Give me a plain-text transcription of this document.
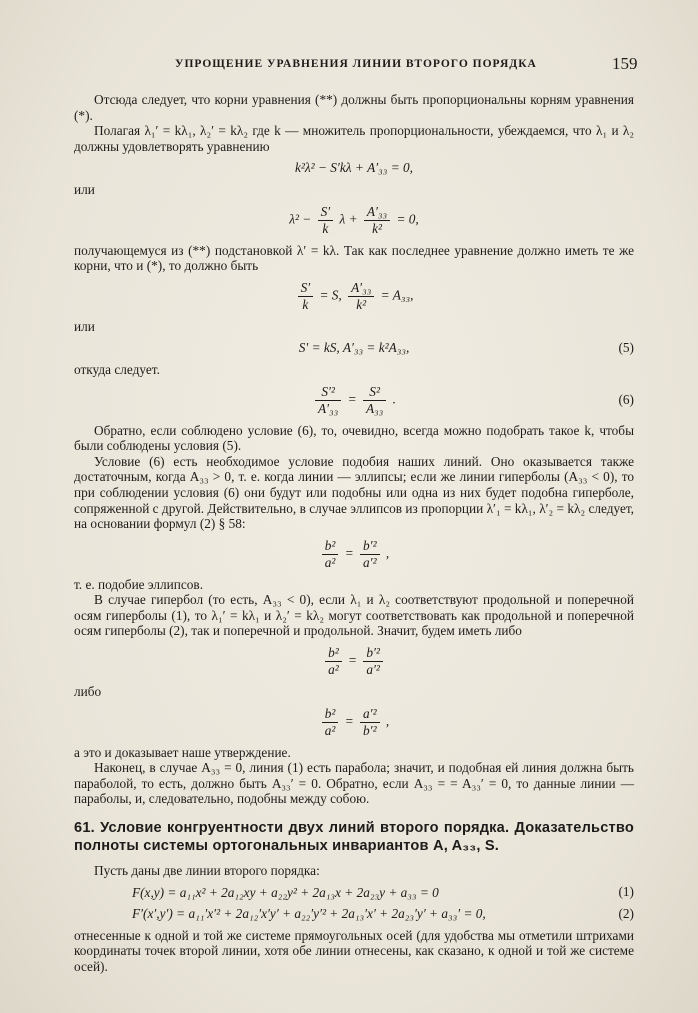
УПРОЩЕНИЕ УРАВНЕНИЯ ЛИНИИ ВТОРОГО ПОРЯДКА	159

Отсюда следует, что корни уравнения (**) должны быть пропорциональны корням уравнения (*).

Полагая λ₁′ = kλ₁, λ₂′ = kλ₂ где k — множитель пропорциональности, убеждаемся, что λ₁ и λ₂ должны удовлетворять уравнению

k²λ² − S′kλ + A′₃₃ = 0,

или

$\lambda^2 - \frac{S'}{k}$ $\lambda + \frac{\text{A′₃₃}}{\text{k²}} = 0$,

получающемуся из (**) подстановкой λ′ = kλ. Так как последнее уравнение должно иметь те же корни, что и (*), то должно быть

$\frac{S'}{k} = S$, $\frac{\text{A′₃₃}}{\text{k²}} = A_{33}$,

или

S′ = kS, A′₃₃ = k²A₃₃,	(5)

откуда следует.

$\frac{\text{S′²}}{\text{A′₃₃}} = \frac{\text{S²}}{\text{A₃₃}}$ .	(6)

Обратно, если соблюдено условие (6), то, очевидно, всегда можно подобрать такое k, чтобы были соблюдены условия (5).

Условие (6) есть необходимое условие подобия наших линий. Оно оказывается также достаточным, когда A₃₃ > 0, т. е. когда линии — эллипсы; если же линии гиперболы (A₃₃ < 0), то при соблюдении условия (6) они будут или подобны или одна из них будет подобна гиперболе, сопряженной с другой. Действительно, в случае эллипсов из пропорции λ′₁ = kλ₁, λ′₂ = kλ₂ следует, на основании формул (2) § 58:

$\frac{\text{b²}}{\text{a²}} = \frac{\text{b′²}}{\text{a′²}}$ ,

т. е. подобие эллипсов.

В случае гипербол (то есть, A₃₃ < 0), если λ₁ и λ₂ соответствуют продольной и поперечной осям гиперболы (1), то λ₁′ = kλ₁ и λ₂′ = kλ₂ могут соответствовать как продольной и поперечной осям гиперболы (2), так и поперечной и продольной. Значит, будем иметь либо

$\frac{\text{b²}}{\text{a²}} = \frac{\text{b′²}}{\text{a′²}}$

либо

$\frac{\text{b²}}{\text{a²}} = \frac{\text{a′²}}{\text{b′²}}$ ,

а это и доказывает наше утверждение.

Наконец, в случае A₃₃ = 0, линия (1) есть парабола; значит, и подобная ей линия должна быть параболой, то есть, должно быть A₃₃′ = 0. Обратно, если A₃₃ = = A₃₃′ = 0, то данные линии — параболы, и, следовательно, подобны между собою.

61. Условие конгруентности двух линий второго порядка. Доказательство полноты системы ортогональных инвариантов A, A₃₃, S.

Пусть даны две линии второго порядка:

F(x,y) = a₁₁x² + 2a₁₂xy + a₂₂y² + 2a₁₃x + 2a₂₃y + a₃₃ = 0	(1)
F′(x′,y′) = a₁₁′x′² + 2a₁₂′x′y′ + a₂₂′y′² + 2a₁₃′x′ + 2a₂₃′y′ + a₃₃′ = 0,	(2)

отнесенные к одной и той же системе прямоугольных осей (для удобства мы отметили штрихами координаты точек второй линии, хотя обе линии отнесены, как сказано, к одной и той же системе осей).
